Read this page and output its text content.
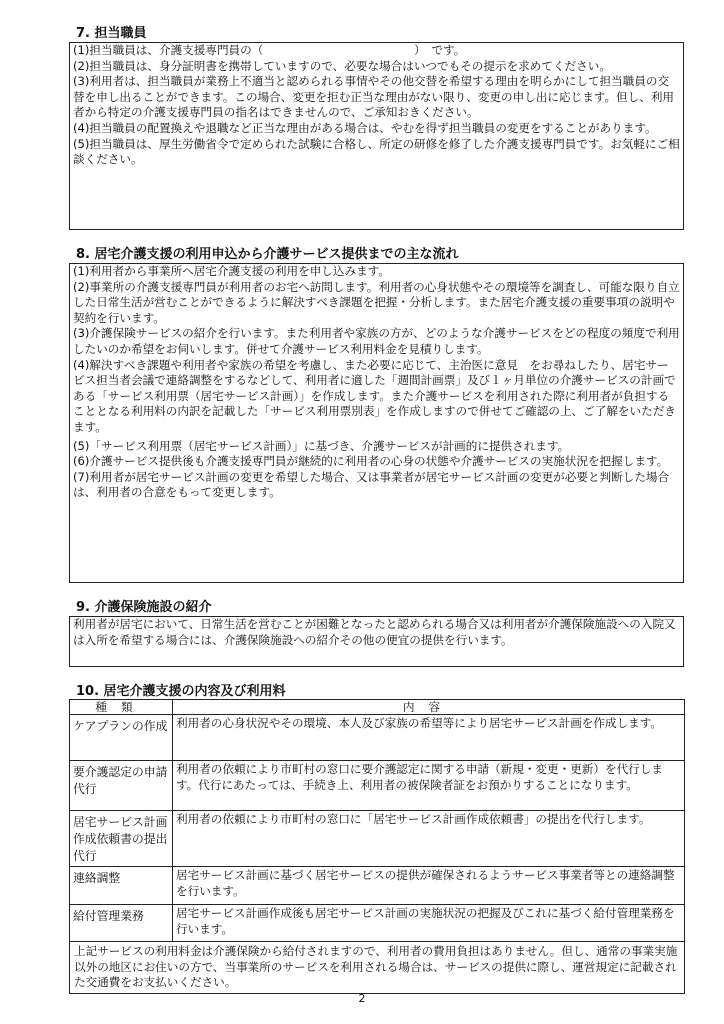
7. 担当職員

(1)担当職員は、介護支援専門員の（　　　　　　　　　　　　　）　です。

(2)担当職員は、身分証明書を携帯していますので、必要な場合はいつでもその提示を求めてください。

(3)利用者は、担当職員が業務上不適当と認められる事情やその他交替を希望する理由を明らかにして担当職員の交替を申し出ることができます。この場合、変更を拒む正当な理由がない限り、変更の申し出に応じます。但し、利用者から特定の介護支援専門員の指名はできませんので、ご承知おきください。

(4)担当職員の配置換えや退職など正当な理由がある場合は、やむを得ず担当職員の変更をすることがあります。

(5)担当職員は、厚生労働省令で定められた試験に合格し、所定の研修を修了した介護支援専門員です。お気軽にご相談ください。

8. 居宅介護支援の利用申込から介護サービス提供までの主な流れ

(1)利用者から事業所へ居宅介護支援の利用を申し込みます。

(2)事業所の介護支援専門員が利用者のお宅へ訪問します。利用者の心身状態やその環境等を調査し、可能な限り自立した日常生活が営むことができるように解決すべき課題を把握・分析します。また居宅介護支援の重要事項の説明や契約を行います。

(3)介護保険サービスの紹介を行います。また利用者や家族の方が、どのような介護サービスをどの程度の頻度で利用したいのか希望をお伺いします。併せて介護サービス利用料金を見積りします。

(4)解決すべき課題や利用者や家族の希望を考慮し、また必要に応じて、主治医に意見　をお尋ねしたり、居宅サービス担当者会議で連絡調整をするなどして、利用者に適した「週間計画票」及び１ヶ月単位の介護サービスの計画である「サービス利用票（居宅サービス計画）」を作成します。また介護サービスを利用された際に利用者が負担することとなる利用料の内訳を記載した「サービス利用票別表」を作成しますので併せてご確認の上、ご了解をいただきます。

(5)「サービス利用票（居宅サービス計画）」に基づき、介護サービスが計画的に提供されます。

(6)介護サービス提供後も介護支援専門員が継続的に利用者の心身の状態や介護サービスの実施状況を把握します。

(7)利用者が居宅サービス計画の変更を希望した場合、又は事業者が居宅サービス計画の変更が必要と判断した場合は、利用者の合意をもって変更します。

9. 介護保険施設の紹介

利用者が居宅において、日常生活を営むことが困難となったと認められる場合又は利用者が介護保険施設への入院又は入所を希望する場合には、介護保険施設への紹介その他の便宜の提供を行います。

10. 居宅介護支援の内容及び利用料
種類	内容
ケアプランの作成	利用者の心身状況やその環境、本人及び家族の希望等により居宅サービス計画を作成します。
要介護認定の申請代行	利用者の依頼により市町村の窓口に要介護認定に関する申請（新規・変更・更新）を代行します。代行にあたっては、手続き上、利用者の被保険者証をお預かりすることになります。
居宅サービス計画作成依頼書の提出代行	利用者の依頼により市町村の窓口に「居宅サービス計画作成依頼書」の提出を代行します。
連絡調整	居宅サービス計画に基づく居宅サービスの提供が確保されるようサービス事業者等との連絡調整を行います。
給付管理業務	居宅サービス計画作成後も居宅サービス計画の実施状況の把握及びこれに基づく給付管理業務を行います。
上記サービスの利用料金は介護保険から給付されますので、利用者の費用負担はありません。但し、通常の事業実施以外の地区にお住いの方で、当事業所のサービスを利用される場合は、サービスの提供に際し、運営規定に記載された交通費をお支払いください。	
2
